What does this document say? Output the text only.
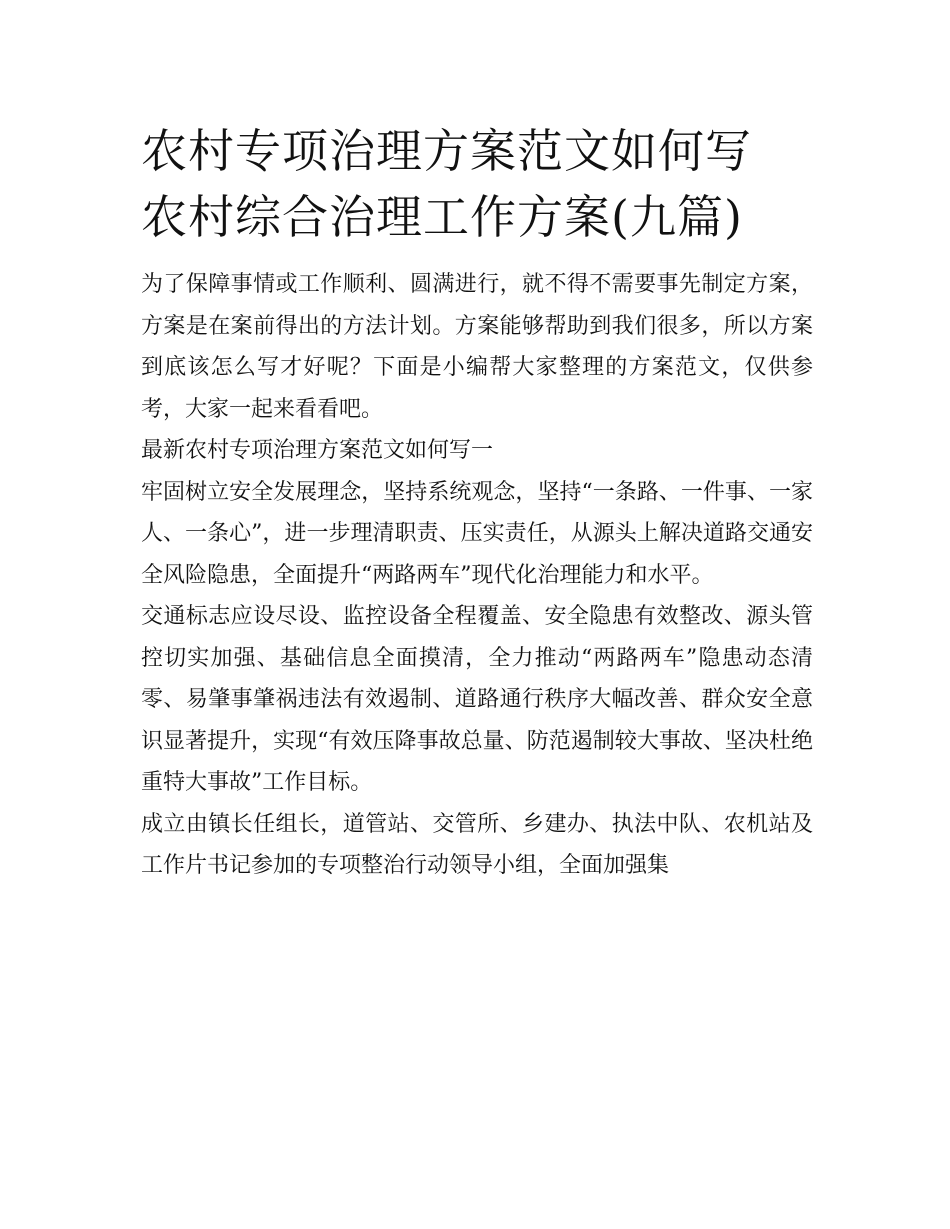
农村专项治理方案范文如何写
农村综合治理工作方案(九篇)

为了保障事情或工作顺利、圆满进行，就不得不需要事先制定方案，方案是在案前得出的方法计划。方案能够帮助到我们很多，所以方案到底该怎么写才好呢？下面是小编帮大家整理的方案范文，仅供参考，大家一起来看看吧。

最新农村专项治理方案范文如何写一

牢固树立安全发展理念，坚持系统观念，坚持“一条路、一件事、一家人、一条心”，进一步理清职责、压实责任，从源头上解决道路交通安全风险隐患，全面提升“两路两车”现代化治理能力和水平。

交通标志应设尽设、监控设备全程覆盖、安全隐患有效整改、源头管控切实加强、基础信息全面摸清，全力推动“两路两车”隐患动态清零、易肇事肇祸违法有效遏制、道路通行秩序大幅改善、群众安全意识显著提升，实现“有效压降事故总量、防范遏制较大事故、坚决杜绝重特大事故”工作目标。

成立由镇长任组长，道管站、交管所、乡建办、执法中队、农机站及工作片书记参加的专项整治行动领导小组，全面加强集
